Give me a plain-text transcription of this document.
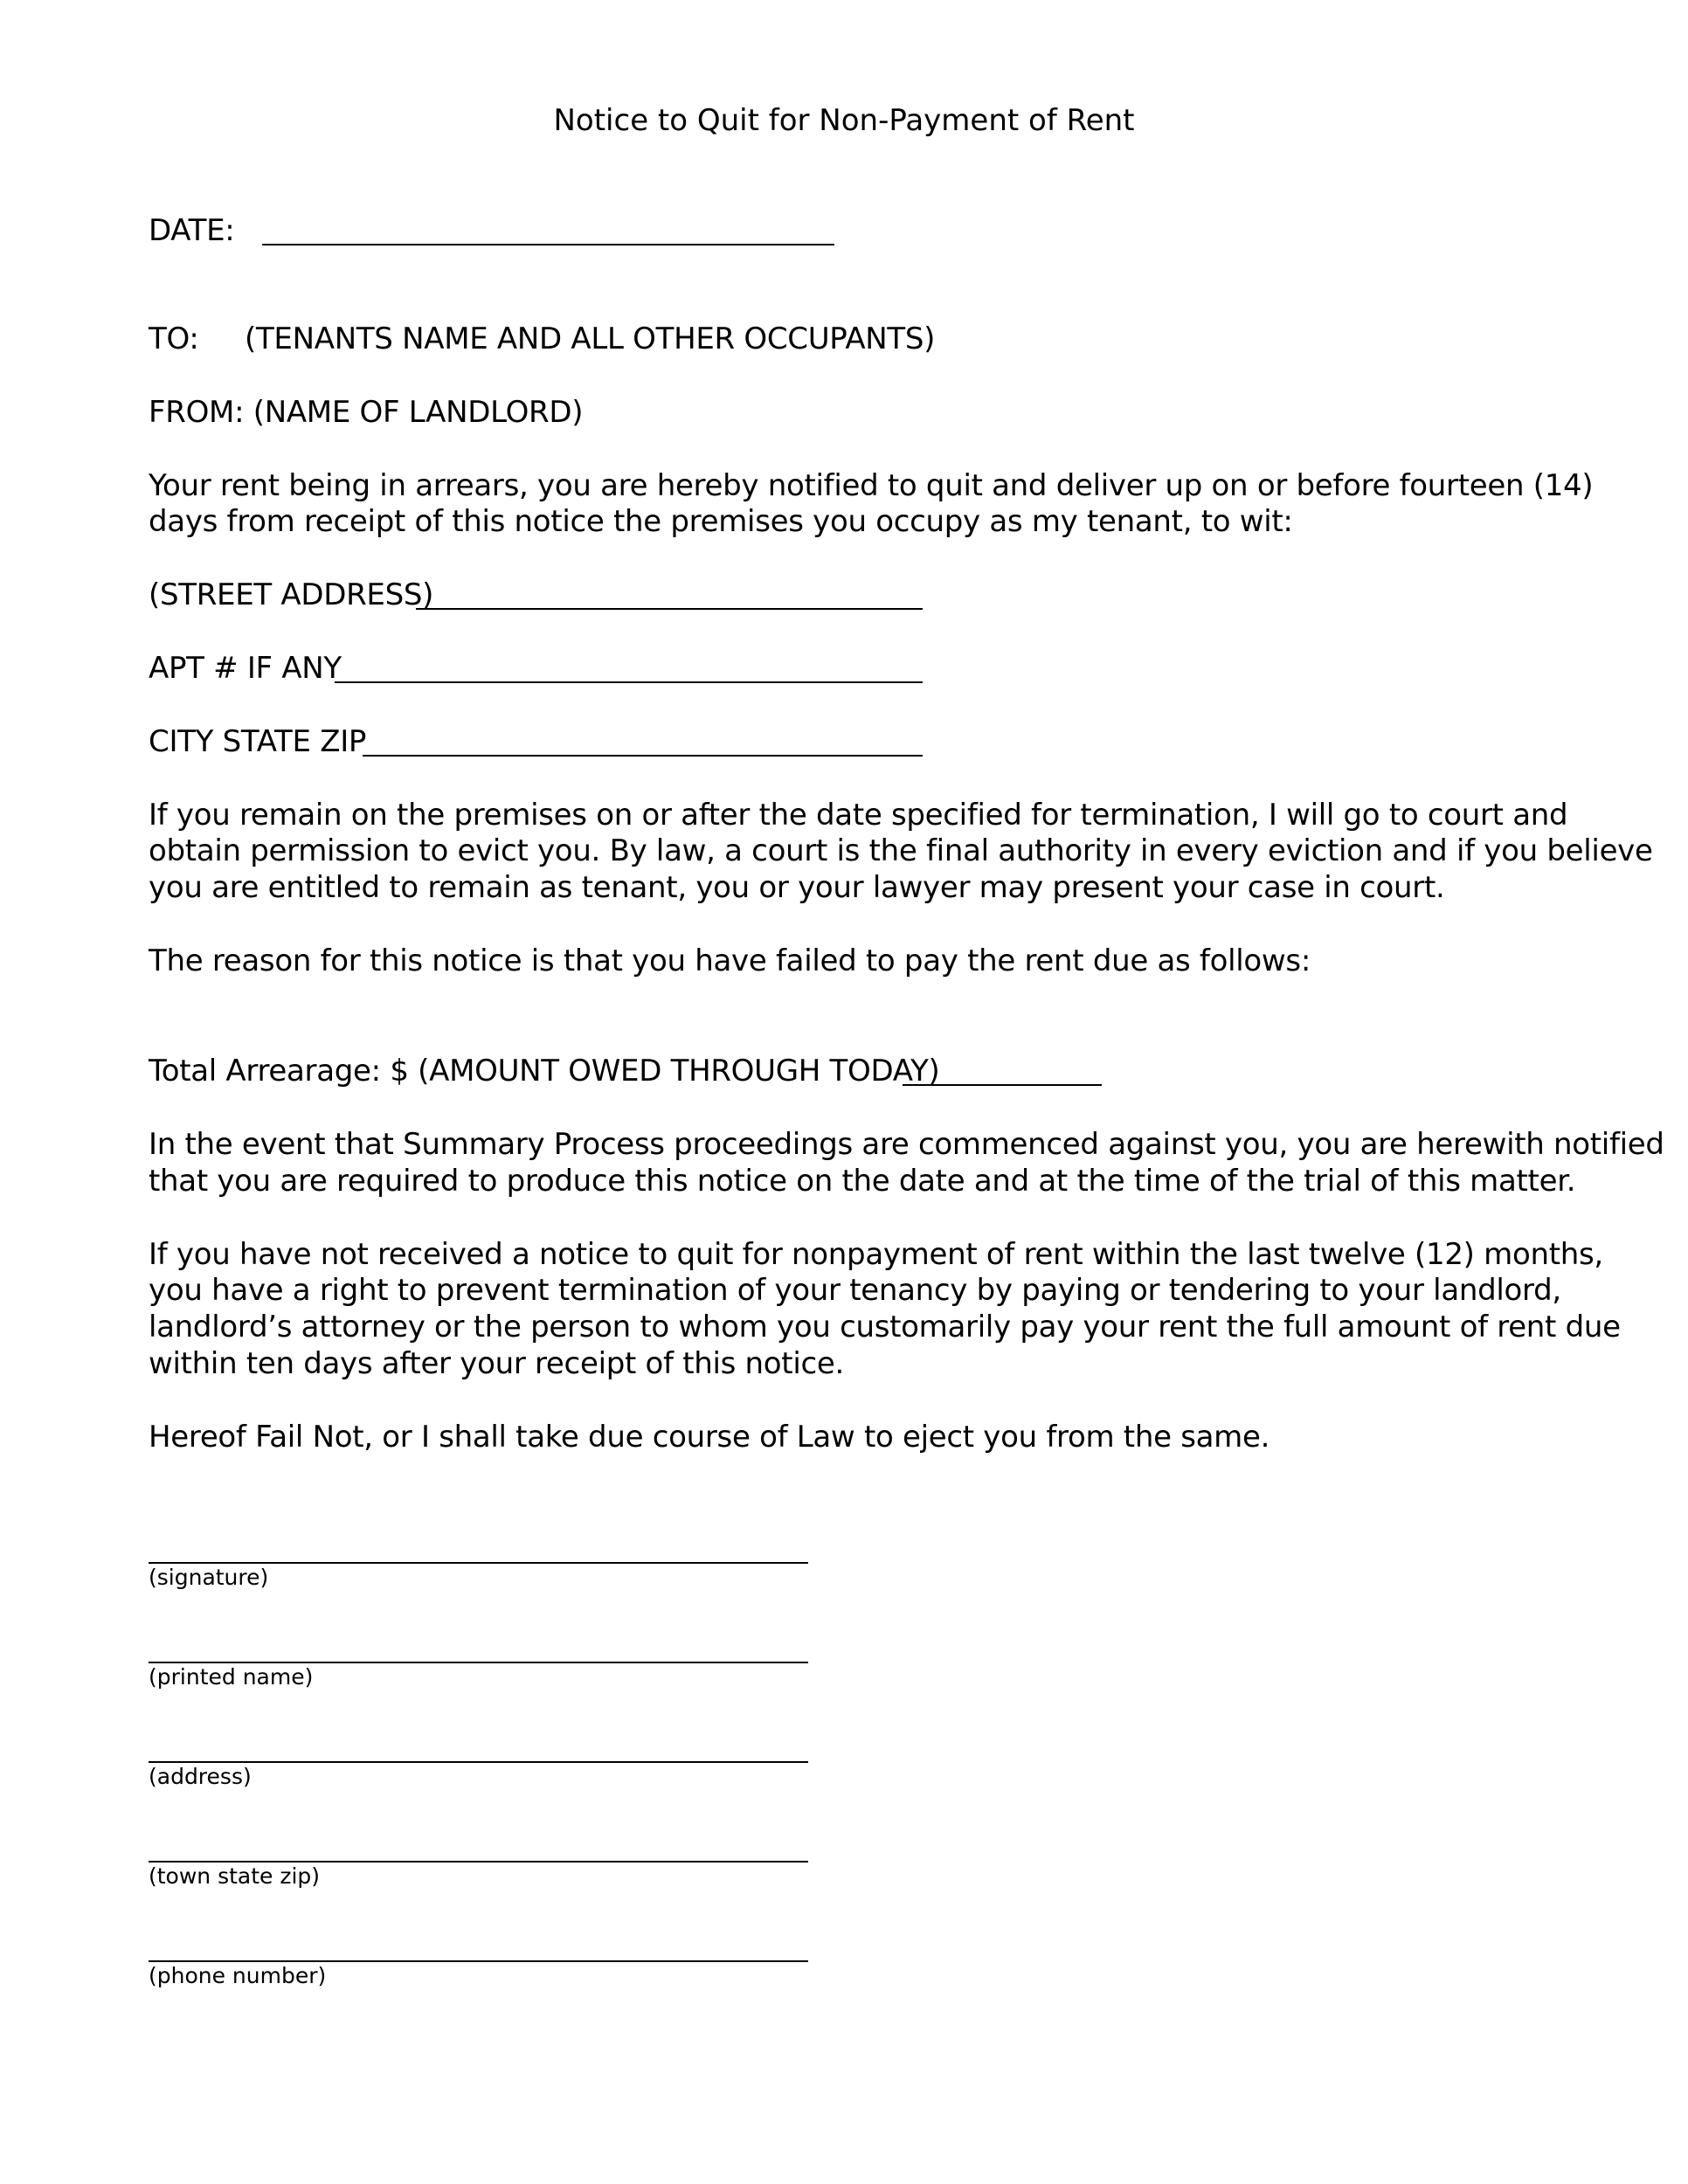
Notice to Quit for Non-Payment of Rent
DATE:
TO: (TENANTS NAME AND ALL OTHER OCCUPANTS)
FROM: (NAME OF LANDLORD)
Your rent being in arrears, you are hereby notified to quit and deliver up on or before fourteen (14)
days from receipt of this notice the premises you occupy as my tenant, to wit:
(STREET ADDRESS)
APT # IF ANY
CITY STATE ZIP
If you remain on the premises on or after the date specified for termination, I will go to court and
obtain permission to evict you. By law, a court is the final authority in every eviction and if you believe
you are entitled to remain as tenant, you or your lawyer may present your case in court.
The reason for this notice is that you have failed to pay the rent due as follows:
Total Arrearage: $ (AMOUNT OWED THROUGH TODAY)
In the event that Summary Process proceedings are commenced against you, you are herewith notified
that you are required to produce this notice on the date and at the time of the trial of this matter.
If you have not received a notice to quit for nonpayment of rent within the last twelve (12) months,
you have a right to prevent termination of your tenancy by paying or tendering to your landlord,
landlord’s attorney or the person to whom you customarily pay your rent the full amount of rent due
within ten days after your receipt of this notice.
Hereof Fail Not, or I shall take due course of Law to eject you from the same.
(signature)
(printed name)
(address)
(town state zip)
(phone number)
